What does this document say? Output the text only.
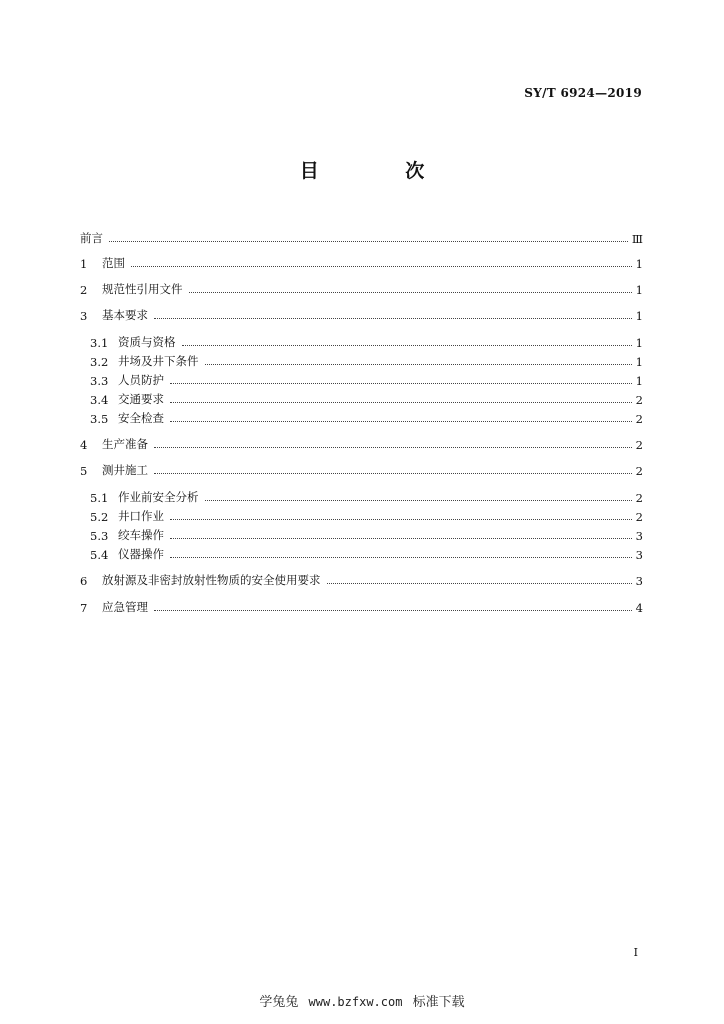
SY/T 6924—2019
目 次
前言	Ⅲ
1	范围	1
2	规范性引用文件	1
3	基本要求	1
3.1 资质与资格	1
3.2 井场及井下条件	1
3.3 人员防护	1
3.4 交通要求	2
3.5 安全检查	2
4	生产准备	2
5	测井施工	2
5.1 作业前安全分析	2
5.2 井口作业	2
5.3 绞车操作	3
5.4 仪器操作	3
6	放射源及非密封放射性物质的安全使用要求	3
7	应急管理	4
Ⅰ
学兔兔 www.bzfxw.com 标准下载
